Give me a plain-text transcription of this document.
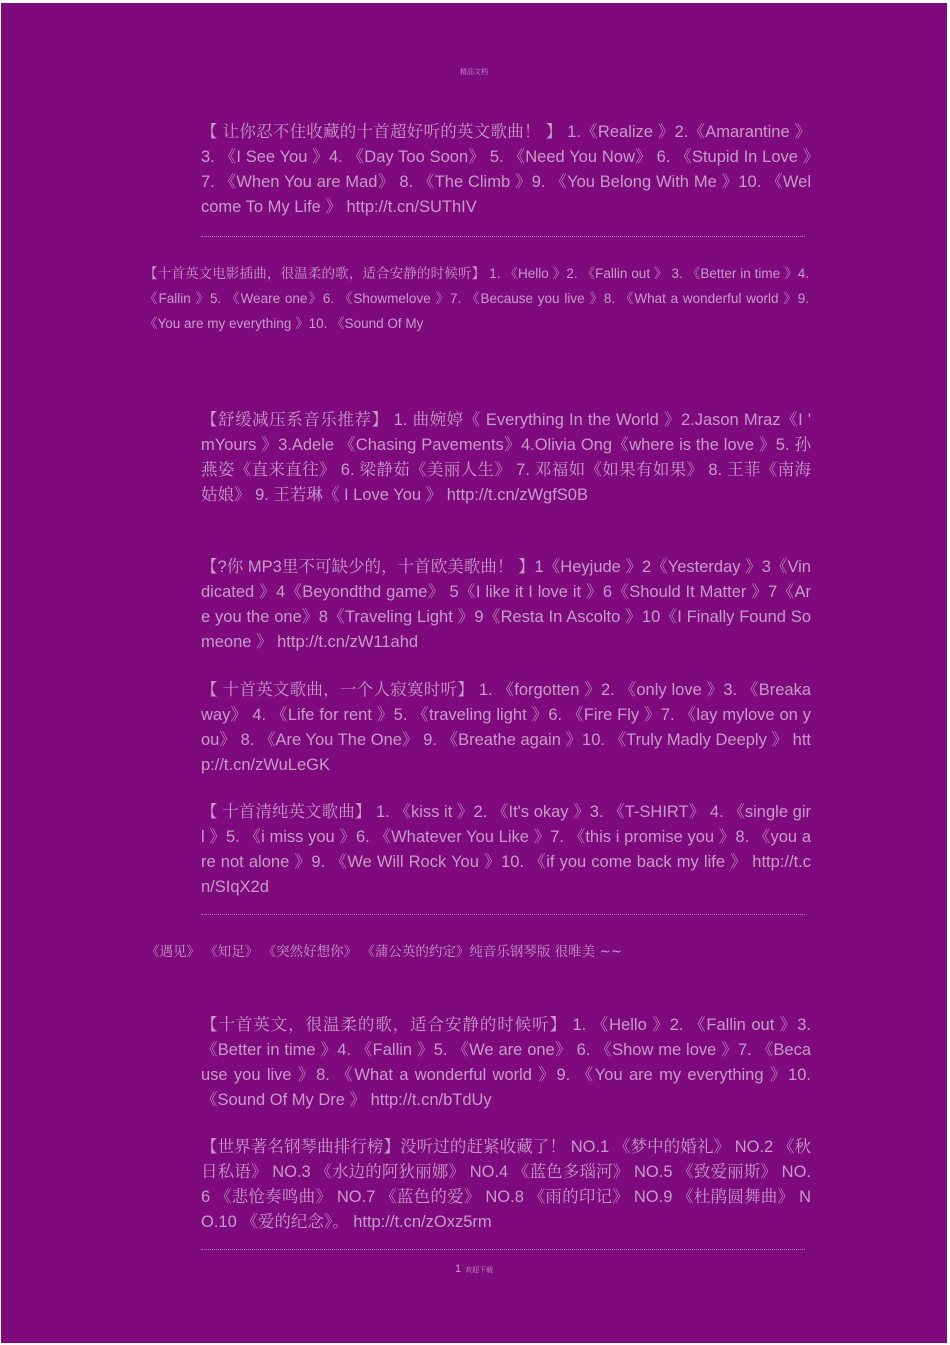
精品文档
【 让你忍不住收藏的十首超好听的英文歌曲！ 】 1.《Realize 》2.《Amarantine 》3. 《I See You 》4. 《Day Too Soon》 5. 《Need You Now》 6. 《Stupid In Love 》7. 《When You are Mad》 8. 《The Climb 》9. 《You Belong With Me 》10. 《Welcome To My Life 》 http://t.cn/SUThIV
【十首英文电影插曲，很温柔的歌，适合安静的时候听】 1. 《Hello 》2. 《Fallin out 》 3. 《Better in time 》4. 《Fallin 》5. 《Weare one》6. 《Showmelove 》7. 《Because you live 》8. 《What a wonderful world 》9. 《You are my everything 》10. 《Sound Of My
【舒缓减压系音乐推荐】 1. 曲婉婷《 Everything In the World 》2.Jason Mraz《I ' mYours 》3.Adele 《Chasing Pavements》4.Olivia Ong《where is the love 》5. 孙燕姿《直来直往》 6. 梁静茹《美丽人生》 7. 邓福如《如果有如果》 8. 王菲《南海姑娘》 9. 王若琳《 I Love You 》 http://t.cn/zWgfS0B
【?你 MP3里不可缺少的，十首欧美歌曲！ 】1《Heyjude 》2《Yesterday 》3《Vindicated 》4《Beyondthd game》 5《I like it I love it 》6《Should It Matter 》7《Are you the one》8《Traveling Light 》9《Resta In Ascolto 》10《I Finally Found Someone 》 http://t.cn/zW11ahd
【 十首英文歌曲，一个人寂寞时听】 1. 《forgotten 》2. 《only love 》3. 《Breakaway》 4. 《Life for rent 》5. 《traveling light 》6. 《Fire Fly 》7. 《lay mylove on you》 8. 《Are You The One》 9. 《Breathe again 》10. 《Truly Madly Deeply 》 http://t.cn/zWuLeGK
【 十首清纯英文歌曲】 1. 《kiss it 》2. 《It's okay 》3. 《T-SHIRT》 4. 《single girl 》5. 《i miss you 》6. 《Whatever You Like 》7. 《this i promise you 》8. 《you are not alone 》9. 《We Will Rock You 》10. 《if you come back my life 》 http://t.cn/SIqX2d
《遇见》 《知足》 《突然好想你》 《蒲公英的约定》纯音乐钢琴版 很唯美 ~~
【十首英文，很温柔的歌，适合安静的时候听】 1. 《Hello 》2. 《Fallin out 》3. 《Better in time 》4. 《Fallin 》5. 《We are one》 6. 《Show me love 》7. 《Because you live 》8. 《What a wonderful world 》9. 《You are my everything 》10. 《Sound Of My Dre 》 http://t.cn/bTdUy
【世界著名钢琴曲排行榜】没听过的赶紧收藏了！ NO.1 《梦中的婚礼》 NO.2 《秋日私语》 NO.3 《水边的阿狄丽娜》 NO.4 《蓝色多瑙河》 NO.5 《致爱丽斯》 NO.6 《悲怆奏鸣曲》 NO.7 《蓝色的爱》 NO.8 《雨的印记》 NO.9 《杜鹃圆舞曲》 NO.10 《爱的纪念》。 http://t.cn/zOxz5rm
1 欢迎下载
